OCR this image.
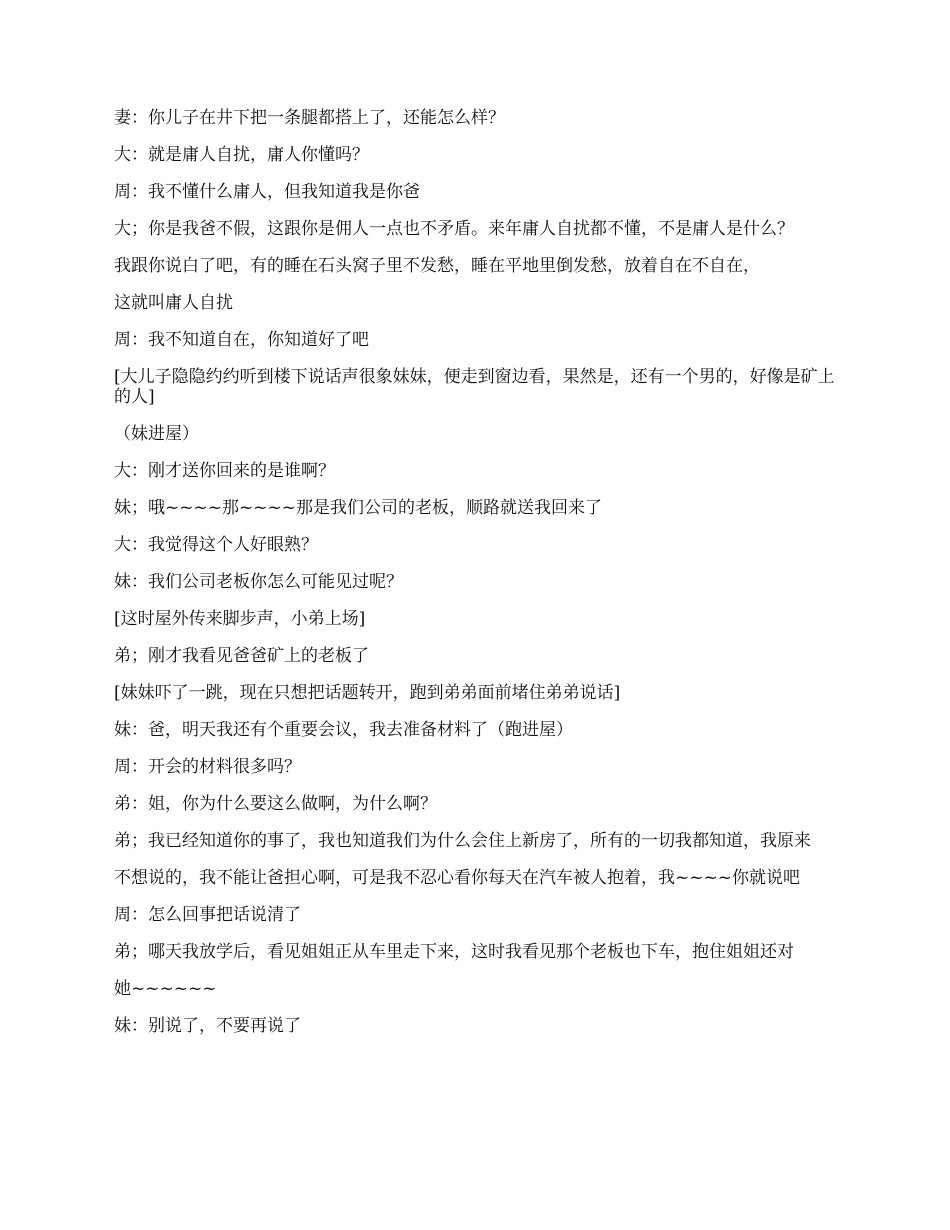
妻：你儿子在井下把一条腿都搭上了，还能怎么样？

大：就是庸人自扰，庸人你懂吗？

周：我不懂什么庸人，但我知道我是你爸

大；你是我爸不假，这跟你是佣人一点也不矛盾。来年庸人自扰都不懂，不是庸人是什么？

我跟你说白了吧，有的睡在石头窝子里不发愁，睡在平地里倒发愁，放着自在不自在，

这就叫庸人自扰

周：我不知道自在，你知道好了吧

[大儿子隐隐约约听到楼下说话声很象妹妹，便走到窗边看，果然是，还有一个男的，好像是矿上的人]

（妹进屋）

大：刚才送你回来的是谁啊？

妹；哦~~~~那~~~~那是我们公司的老板，顺路就送我回来了

大：我觉得这个人好眼熟？

妹：我们公司老板你怎么可能见过呢？

[这时屋外传来脚步声，小弟上场]

弟；刚才我看见爸爸矿上的老板了

[妹妹吓了一跳，现在只想把话题转开，跑到弟弟面前堵住弟弟说话]

妹：爸，明天我还有个重要会议，我去准备材料了（跑进屋）

周：开会的材料很多吗？

弟：姐，你为什么要这么做啊，为什么啊？

弟；我已经知道你的事了，我也知道我们为什么会住上新房了，所有的一切我都知道，我原来

不想说的，我不能让爸担心啊，可是我不忍心看你每天在汽车被人抱着，我~~~~你就说吧

周：怎么回事把话说清了

弟；哪天我放学后，看见姐姐正从车里走下来，这时我看见那个老板也下车，抱住姐姐还对

她~~~~~~

妹：别说了，不要再说了
